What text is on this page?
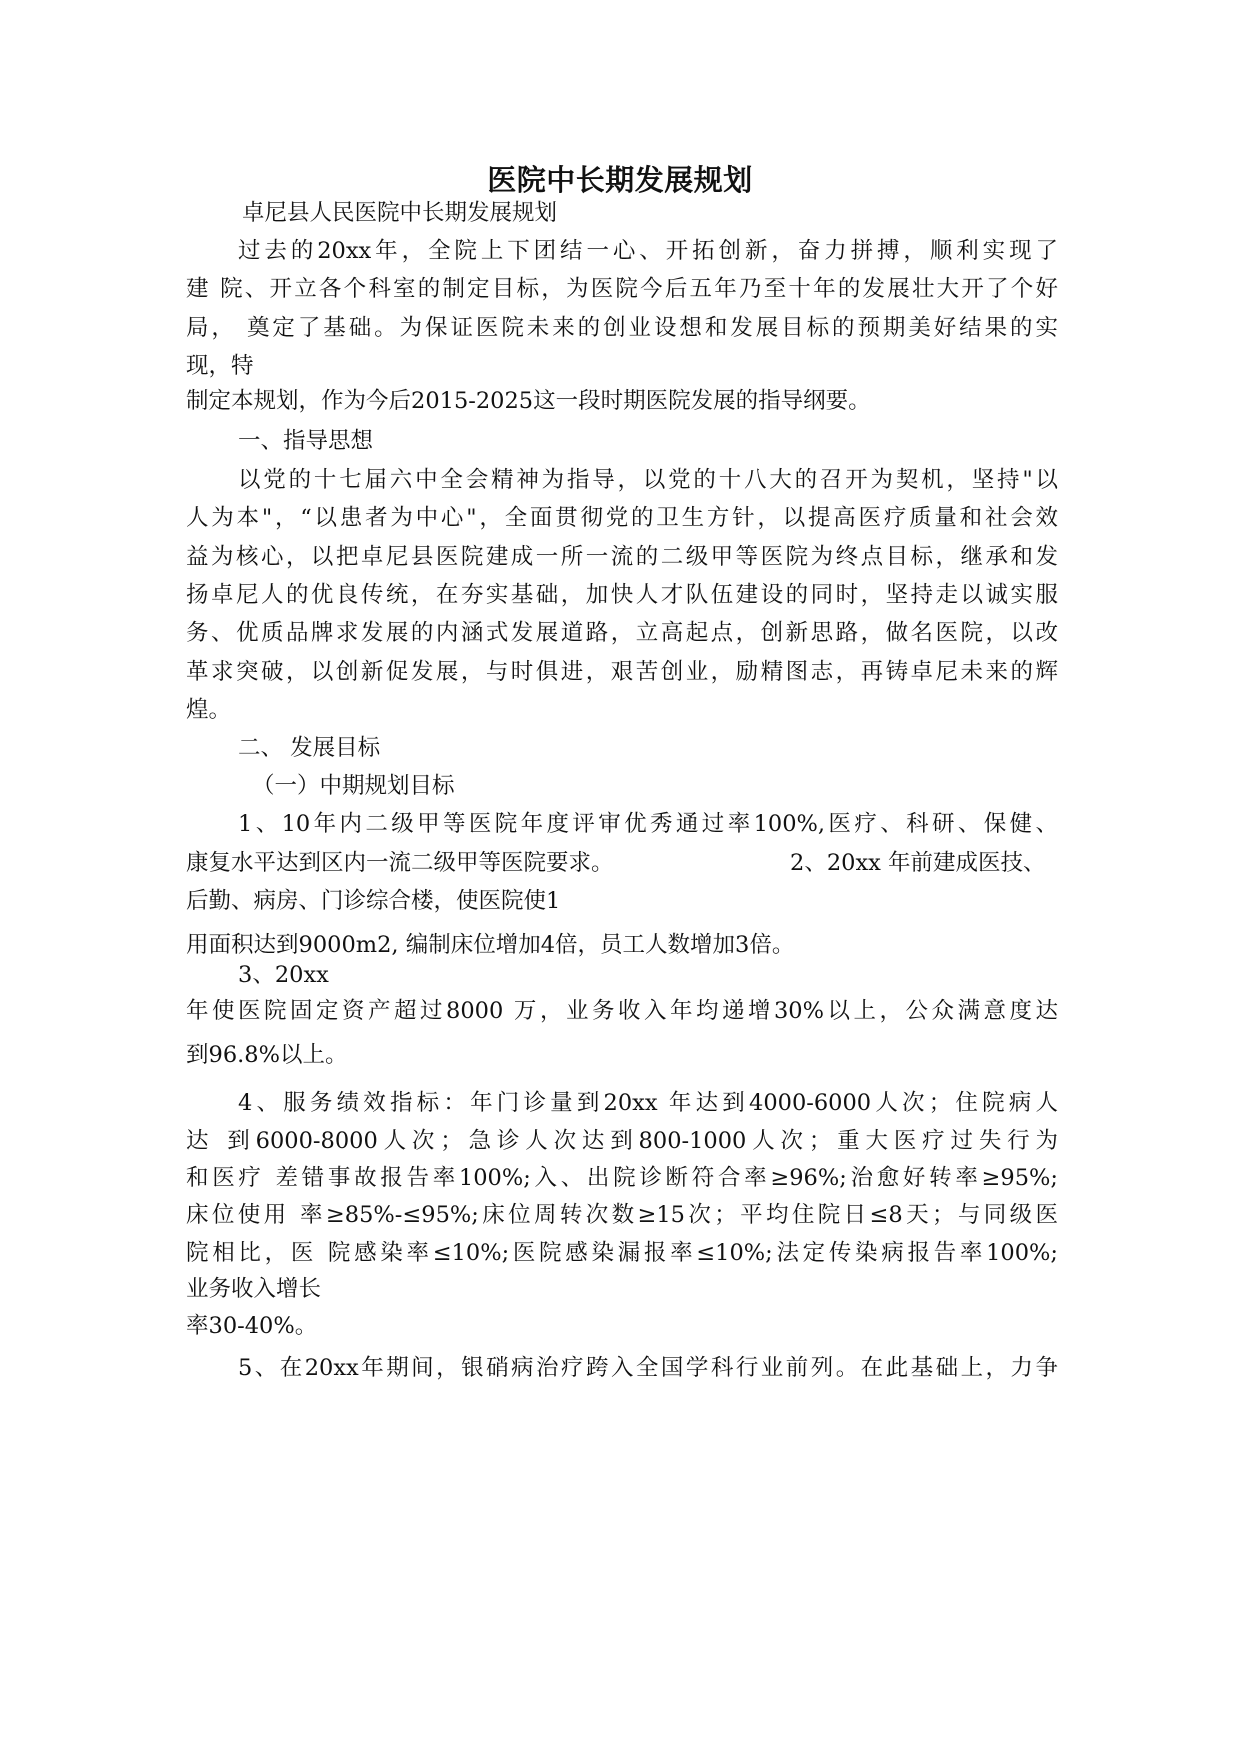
医院中长期发展规划

卓尼县人民医院中长期发展规划

过去的20xx年，全院上下团结一心、开拓创新，奋力拼搏，顺利实现了

建 院、开立各个科室的制定目标，为医院今后五年乃至十年的发展壮大开了个好

局， 奠定了基础。为保证医院未来的创业设想和发展目标的预期美好结果的实

现，特

制定本规划，作为今后2015-2025这一段时期医院发展的指导纲要。

一、指导思想

以党的十七届六中全会精神为指导，以党的十八大的召开为契机，坚持"以

人为本"，“以患者为中心"，全面贯彻党的卫生方针，以提高医疗质量和社会效

益为核心，以把卓尼县医院建成一所一流的二级甲等医院为终点目标，继承和发

扬卓尼人的优良传统，在夯实基础，加快人才队伍建设的同时，坚持走以诚实服

务、优质品牌求发展的内涵式发展道路，立高起点，创新思路，做名医院，以改

革求突破，以创新促发展，与时俱进，艰苦创业，励精图志，再铸卓尼未来的辉

煌。

二、 发展目标

（一）中期规划目标

1、10年内二级甲等医院年度评审优秀通过率100%,医疗、科研、保健、

康复水平达到区内一流二级甲等医院要求。	2、20xx 年前建成医技、

后勤、病房、门诊综合楼，使医院使1

用面积达到9000m2, 编制床位增加4倍，员工人数增加3倍。

3、20xx

年使医院固定资产超过8000 万，业务收入年均递增30%以上，公众满意度达

到96.8%以上。

4、服务绩效指标：年门诊量到20xx 年达到4000-6000人次；住院病人

达 到6000-8000人次；急诊人次达到800-1000人次；重大医疗过失行为

和医疗 差错事故报告率100%;入、出院诊断符合率≥96%;治愈好转率≥95%;

床位使用 率≥85%-≤95%;床位周转次数≥15次；平均住院日≤8天；与同级医

院相比，医 院感染率≤10%;医院感染漏报率≤10%;法定传染病报告率100%;

业务收入增长

率30-40%。

5、在20xx年期间，银硝病治疗跨入全国学科行业前列。在此基础上，力争
